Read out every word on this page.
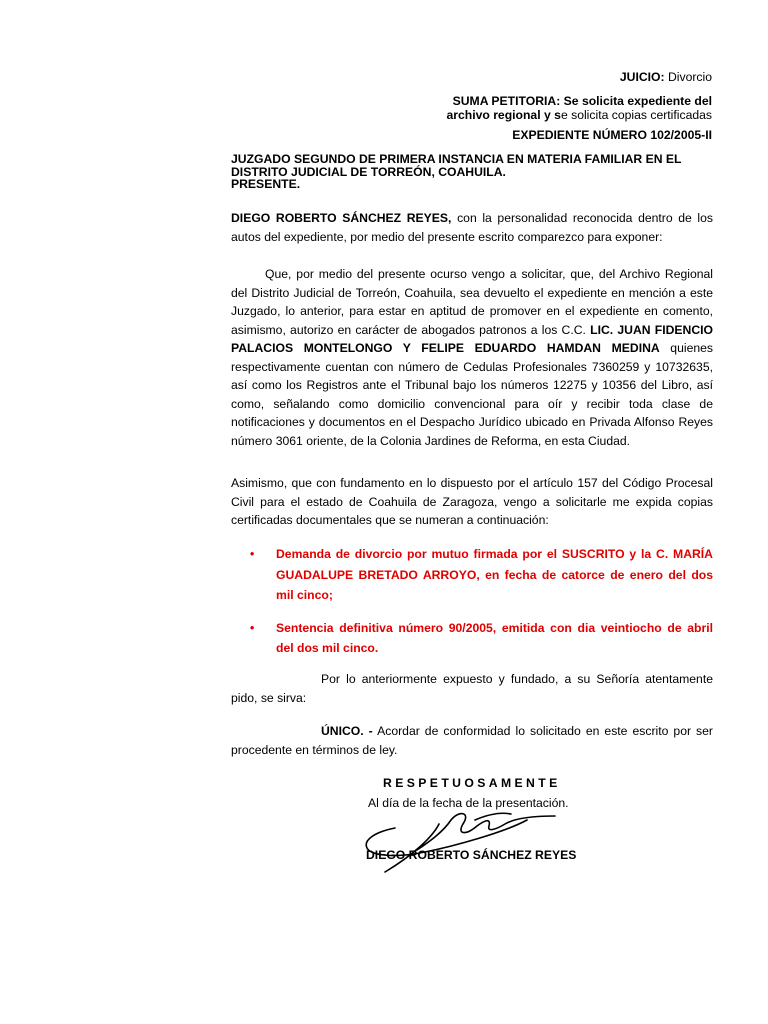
JUICIO: Divorcio
SUMA PETITORIA: Se solicita expediente del
archivo regional y se solicita copias certificadas
EXPEDIENTE NÚMERO 102/2005-II
JUZGADO SEGUNDO DE PRIMERA INSTANCIA EN MATERIA FAMILIAR EN EL
DISTRITO JUDICIAL DE TORREÓN, COAHUILA.
PRESENTE.
DIEGO ROBERTO SÁNCHEZ REYES, con la personalidad reconocida dentro de los autos del expediente, por medio del presente escrito comparezco para exponer:
Que, por medio del presente ocurso vengo a solicitar, que, del Archivo Regional del Distrito Judicial de Torreón, Coahuila, sea devuelto el expediente en mención a este Juzgado, lo anterior, para estar en aptitud de promover en el expediente en comento, asimismo, autorizo en carácter de abogados patronos a los C.C. LIC. JUAN FIDENCIO PALACIOS MONTELONGO Y FELIPE EDUARDO HAMDAN MEDINA quienes respectivamente cuentan con número de Cedulas Profesionales 7360259 y 10732635, así como los Registros ante el Tribunal bajo los números 12275 y 10356 del Libro, así como, señalando como domicilio convencional para oír y recibir toda clase de notificaciones y documentos en el Despacho Jurídico ubicado en Privada Alfonso Reyes número 3061 oriente, de la Colonia Jardines de Reforma, en esta Ciudad.
Asimismo, que con fundamento en lo dispuesto por el artículo 157 del Código Procesal Civil para el estado de Coahuila de Zaragoza, vengo a solicitarle me expida copias certificadas documentales que se numeran a continuación:
• Demanda de divorcio por mutuo firmada por el SUSCRITO y la C. MARÍA GUADALUPE BRETADO ARROYO, en fecha de catorce de enero del dos mil cinco;
• Sentencia definitiva número 90/2005, emitida con dia veintiocho de abril del dos mil cinco.
Por lo anteriormente expuesto y fundado, a su Señoría atentamente pido, se sirva:
ÚNICO. - Acordar de conformidad lo solicitado en este escrito por ser procedente en términos de ley.
RESPETUOSAMENTE
Al día de la fecha de la presentación.
DIEGO ROBERTO SÁNCHEZ REYES
